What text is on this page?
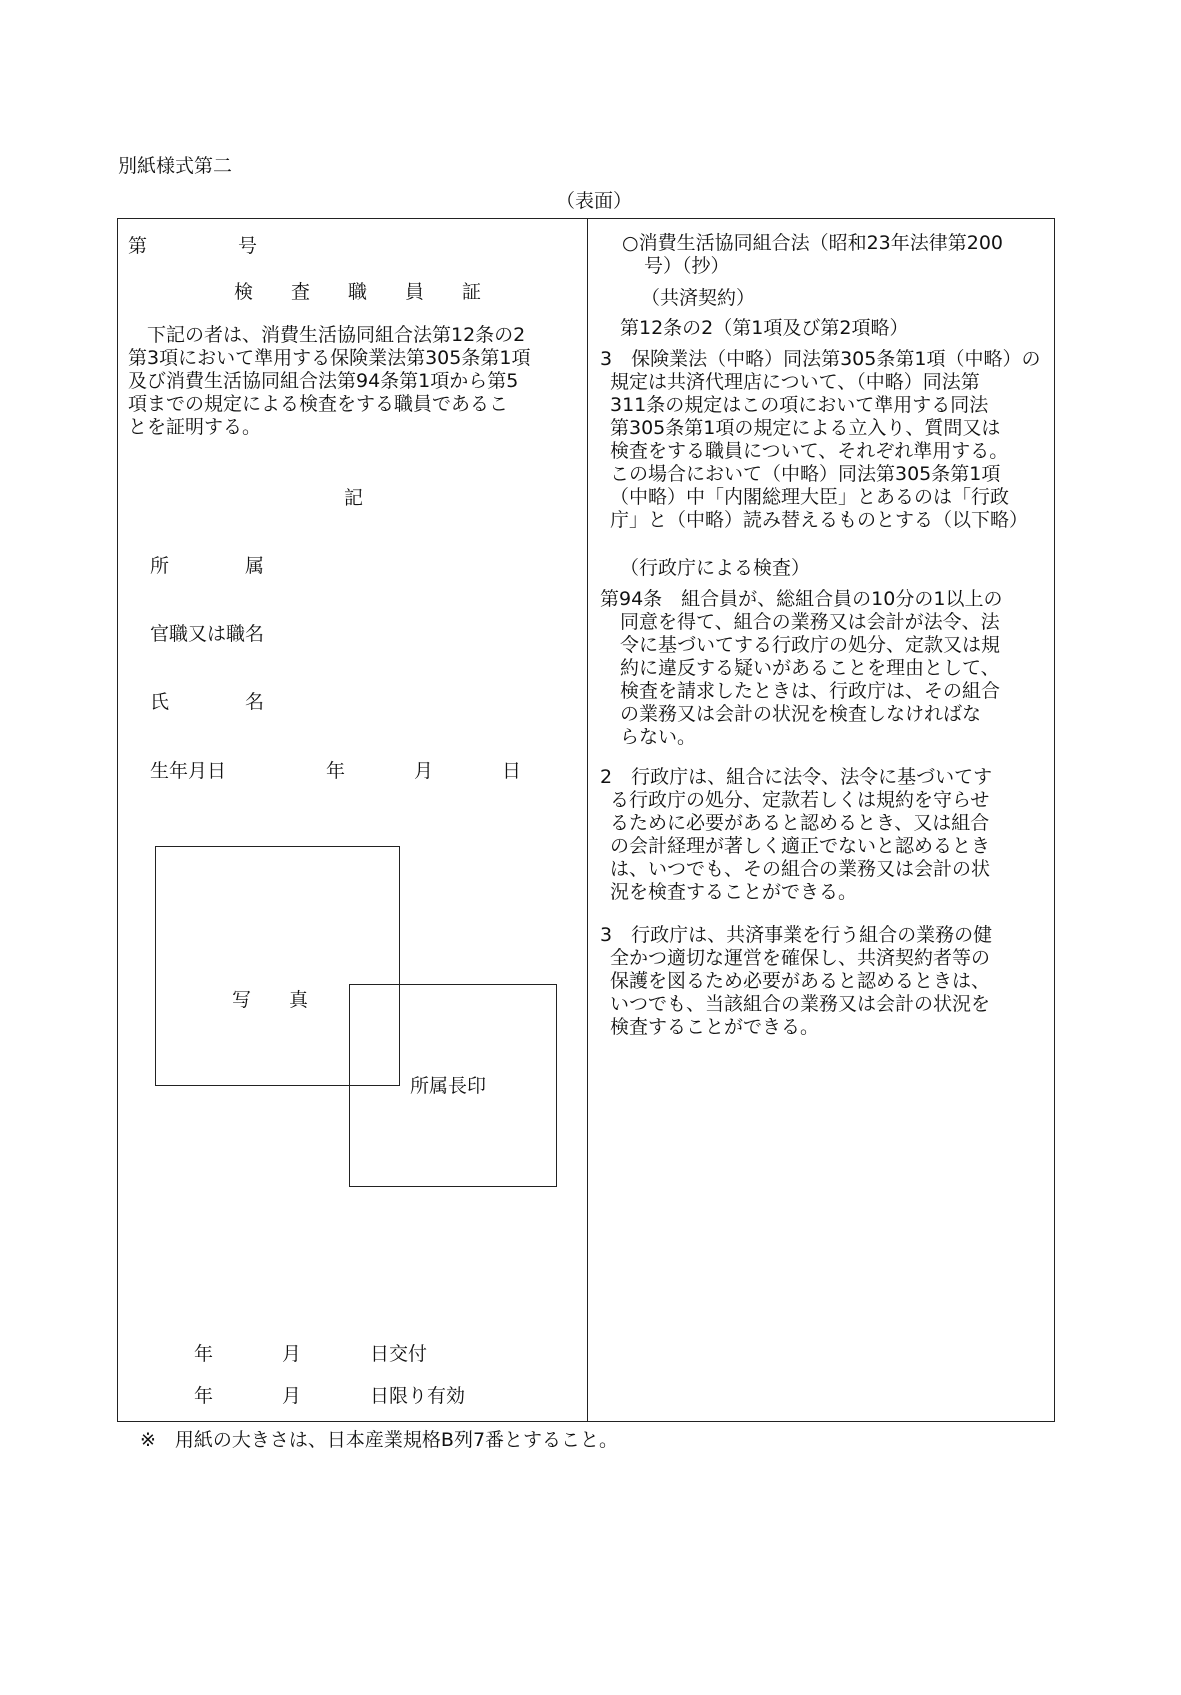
別紙様式第二
（表面）
第	号
検　　査　　職　　員　　証
　下記の者は、消費生活協同組合法第12条の2
第3項において準用する保険業法第305条第1項
及び消費生活協同組合法第94条第1項から第5
項までの規定による検査をする職員であるこ
とを証明する。
記
所　　　　属
官職又は職名
氏　　　　名
生年月日	年	月	日
写　　真
所属長印
年	月	日交付
年	月	日限り有効
○消費生活協同組合法（昭和23年法律第200
号）（抄）
（共済契約）
第12条の2（第1項及び第2項略）
3　保険業法（中略）同法第305条第1項（中略）の
規定は共済代理店について、（中略）同法第
311条の規定はこの項において準用する同法
第305条第1項の規定による立入り、質問又は
検査をする職員について、それぞれ準用する。
この場合において（中略）同法第305条第1項
（中略）中「内閣総理大臣」とあるのは「行政
庁」と（中略）読み替えるものとする（以下略）
（行政庁による検査）
第94条　組合員が、総組合員の10分の1以上の
同意を得て、組合の業務又は会計が法令、法
令に基づいてする行政庁の処分、定款又は規
約に違反する疑いがあることを理由として、
検査を請求したときは、行政庁は、その組合
の業務又は会計の状況を検査しなければな
らない。
2　行政庁は、組合に法令、法令に基づいてす
る行政庁の処分、定款若しくは規約を守らせ
るために必要があると認めるとき、又は組合
の会計経理が著しく適正でないと認めるとき
は、いつでも、その組合の業務又は会計の状
況を検査することができる。
3　行政庁は、共済事業を行う組合の業務の健
全かつ適切な運営を確保し、共済契約者等の
保護を図るため必要があると認めるときは、
いつでも、当該組合の業務又は会計の状況を
検査することができる。
※　用紙の大きさは、日本産業規格B列7番とすること。
